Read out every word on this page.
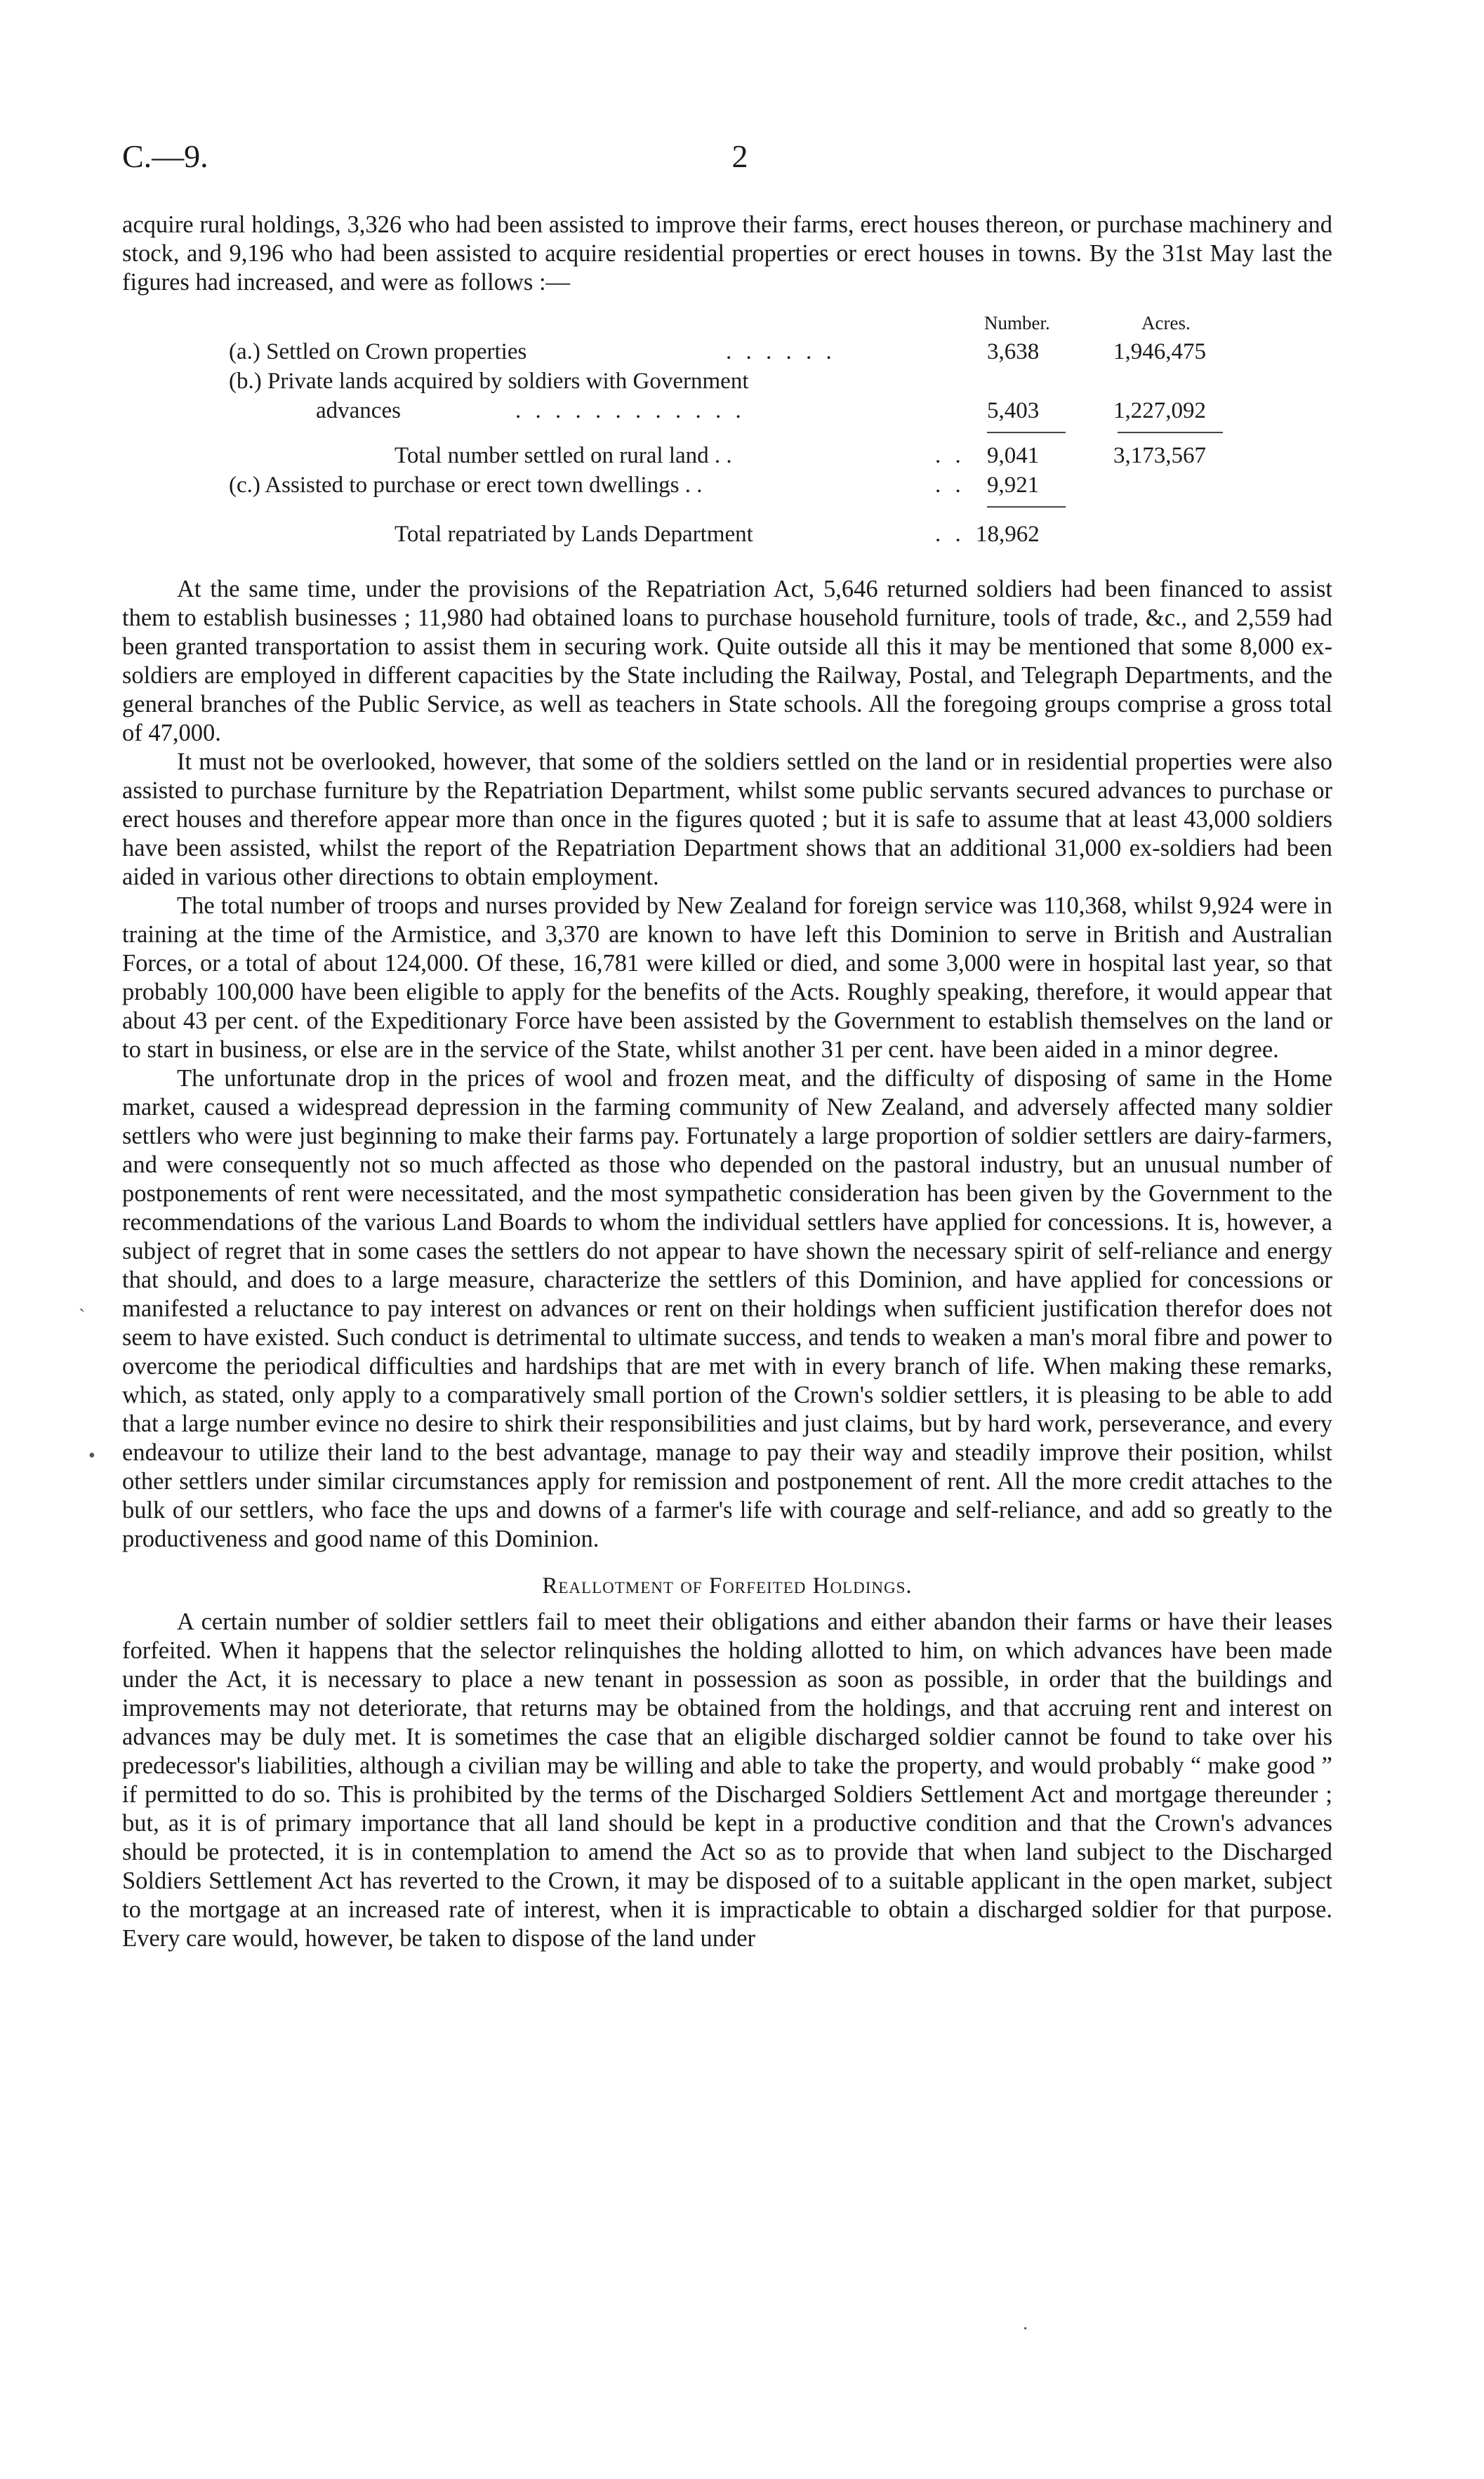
C.—9.	2

acquire rural holdings, 3,326 who had been assisted to improve their farms, erect houses thereon, or purchase machinery and stock, and 9,196 who had been assisted to acquire residential properties or erect houses in towns. By the 31st May last the figures had increased, and were as follows :—

Number.	Acres.
(a.) Settled on Crown properties	. . . . . .	3,638	1,946,475
(b.) Private lands acquired by soldiers with Government
advances	. . . . . . . . . . . .	5,403	1,227,092
Total number settled on rural land . .	. . 9,041	3,173,567
(c.) Assisted to purchase or erect town dwellings . .	. . 9,921
Total repatriated by Lands Department	. . 18,962

At the same time, under the provisions of the Repatriation Act, 5,646 returned soldiers had been financed to assist them to establish businesses ; 11,980 had obtained loans to purchase household furniture, tools of trade, &c., and 2,559 had been granted transportation to assist them in securing work. Quite outside all this it may be mentioned that some 8,000 ex-soldiers are employed in different capacities by the State including the Railway, Postal, and Telegraph Departments, and the general branches of the Public Service, as well as teachers in State schools. All the foregoing groups comprise a gross total of 47,000.

It must not be overlooked, however, that some of the soldiers settled on the land or in residential properties were also assisted to purchase furniture by the Repatriation Department, whilst some public servants secured advances to purchase or erect houses and therefore appear more than once in the figures quoted ; but it is safe to assume that at least 43,000 soldiers have been assisted, whilst the report of the Repatriation Department shows that an additional 31,000 ex-soldiers had been aided in various other directions to obtain employment.

The total number of troops and nurses provided by New Zealand for foreign service was 110,368, whilst 9,924 were in training at the time of the Armistice, and 3,370 are known to have left this Dominion to serve in British and Australian Forces, or a total of about 124,000. Of these, 16,781 were killed or died, and some 3,000 were in hospital last year, so that probably 100,000 have been eligible to apply for the benefits of the Acts. Roughly speaking, therefore, it would appear that about 43 per cent. of the Expeditionary Force have been assisted by the Government to establish themselves on the land or to start in business, or else are in the service of the State, whilst another 31 per cent. have been aided in a minor degree.

The unfortunate drop in the prices of wool and frozen meat, and the difficulty of disposing of same in the Home market, caused a widespread depression in the farming community of New Zealand, and adversely affected many soldier settlers who were just beginning to make their farms pay. Fortunately a large proportion of soldier settlers are dairy-farmers, and were consequently not so much affected as those who depended on the pastoral industry, but an unusual number of postponements of rent were necessitated, and the most sympathetic consideration has been given by the Government to the recommendations of the various Land Boards to whom the individual settlers have applied for concessions. It is, however, a subject of regret that in some cases the settlers do not appear to have shown the necessary spirit of self-reliance and energy that should, and does to a large measure, characterize the settlers of this Dominion, and have applied for concessions or manifested a reluctance to pay interest on advances or rent on their holdings when sufficient justification therefor does not seem to have existed. Such conduct is detrimental to ultimate success, and tends to weaken a man's moral fibre and power to overcome the periodical difficulties and hardships that are met with in every branch of life. When making these remarks, which, as stated, only apply to a comparatively small portion of the Crown's soldier settlers, it is pleasing to be able to add that a large number evince no desire to shirk their responsibilities and just claims, but by hard work, perseverance, and every endeavour to utilize their land to the best advantage, manage to pay their way and steadily improve their position, whilst other settlers under similar circumstances apply for remission and postponement of rent. All the more credit attaches to the bulk of our settlers, who face the ups and downs of a farmer's life with courage and self-reliance, and add so greatly to the productiveness and good name of this Dominion.

Reallotment of Forfeited Holdings.

A certain number of soldier settlers fail to meet their obligations and either abandon their farms or have their leases forfeited. When it happens that the selector relinquishes the holding allotted to him, on which advances have been made under the Act, it is necessary to place a new tenant in possession as soon as possible, in order that the buildings and improvements may not deteriorate, that returns may be obtained from the holdings, and that accruing rent and interest on advances may be duly met. It is sometimes the case that an eligible discharged soldier cannot be found to take over his predecessor's liabilities, although a civilian may be willing and able to take the property, and would probably “ make good ” if permitted to do so. This is prohibited by the terms of the Discharged Soldiers Settlement Act and mortgage thereunder ; but, as it is of primary importance that all land should be kept in a productive condition and that the Crown's advances should be protected, it is in contemplation to amend the Act so as to provide that when land subject to the Discharged Soldiers Settlement Act has reverted to the Crown, it may be disposed of to a suitable applicant in the open market, subject to the mortgage at an increased rate of interest, when it is impracticable to obtain a discharged soldier for that purpose. Every care would, however, be taken to dispose of the land under

`
•
·
